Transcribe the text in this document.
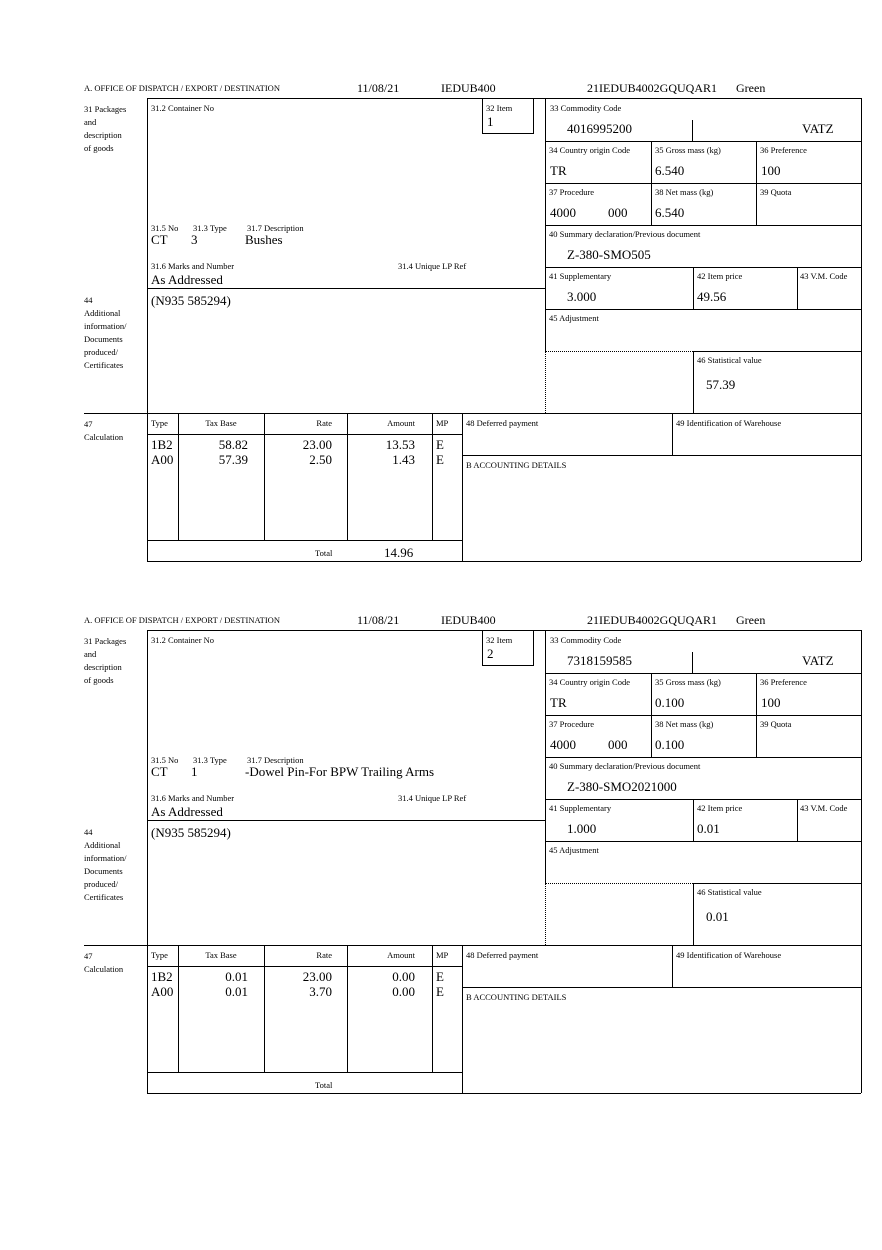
A. OFFICE OF DISPATCH / EXPORT / DESTINATION	11/08/21	IEDUB400	21IEDUB4002GQUQAR1 Green
31 Packages
and
description
of goods
31.2 Container No	32 Item
1
31.5 No 31.3 Type 31.7 Description
CT 3	Bushes
31.6 Marks and Number	31.4 Unique LP Ref
As Addressed
44
Additional
information/
Documents
produced/
Certificates
(N935 585294)
33 Commodity Code
4016995200	VATZ
34 Country origin Code
TR
35 Gross mass (kg)
6.540
36 Preference
100
37 Procedure
4000 000
38 Net mass (kg)
6.540
39 Quota
40 Summary declaration/Previous document
Z-380-SMO505
41 Supplementary
3.000
42 Item price
49.56
43 V.M. Code
45 Adjustment
46 Statistical value
57.39
47
Calculation
Type	Tax Base	Rate	Amount MP
1B2	58.82	23.00	13.53 E
A00	57.39	2.50	1.43 E
Total	14.96
48 Deferred payment	49 Identification of Warehouse
B ACCOUNTING DETAILS
A. OFFICE OF DISPATCH / EXPORT / DESTINATION	11/08/21	IEDUB400	21IEDUB4002GQUQAR1 Green
31 Packages
and
description
of goods
31.2 Container No	32 Item
2
31.5 No 31.3 Type 31.7 Description
CT 1	-Dowel Pin-For BPW Trailing Arms
31.6 Marks and Number	31.4 Unique LP Ref
As Addressed
44
Additional
information/
Documents
produced/
Certificates
(N935 585294)
33 Commodity Code
7318159585	VATZ
34 Country origin Code
TR
35 Gross mass (kg)
0.100
36 Preference
100
37 Procedure
4000 000
38 Net mass (kg)
0.100
39 Quota
40 Summary declaration/Previous document
Z-380-SMO2021000
41 Supplementary
1.000
42 Item price
0.01
43 V.M. Code
45 Adjustment
46 Statistical value
0.01
47
Calculation
Type	Tax Base	Rate	Amount MP
1B2	0.01	23.00	0.00 E
A00	0.01	3.70	0.00 E
Total
48 Deferred payment	49 Identification of Warehouse
B ACCOUNTING DETAILS
